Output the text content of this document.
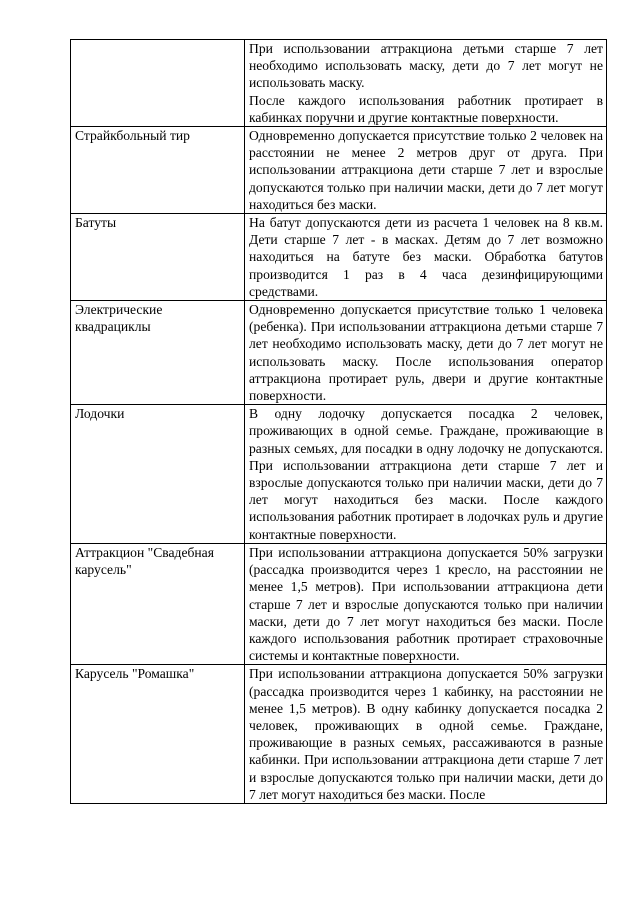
	При использовании аттракциона детьми старше 7 лет необходимо использовать маску, дети до 7 лет могут не использовать маску.
После каждого использования работник протирает в кабинках поручни и другие контактные поверхности.

Страйкбольный тир	Одновременно допускается присутствие только 2 человек на расстоянии не менее 2 метров друг от друга. При использовании аттракциона дети старше 7 лет и взрослые допускаются только при наличии маски, дети до 7 лет могут находиться без маски.

Батуты	На батут допускаются дети из расчета 1 человек на 8 кв.м. Дети старше 7 лет - в масках. Детям до 7 лет возможно находиться на батуте без маски. Обработка батутов производится 1 раз в 4 часа дезинфицирующими средствами.

Электрические квадрациклы	Одновременно допускается присутствие только 1 человека (ребенка). При использовании аттракциона детьми старше 7 лет необходимо использовать маску, дети до 7 лет могут не использовать маску. После использования оператор аттракциона протирает руль, двери и другие контактные поверхности.

Лодочки	В одну лодочку допускается посадка 2 человек, проживающих в одной семье. Граждане, проживающие в разных семьях, для посадки в одну лодочку не допускаются. При использовании аттракциона дети старше 7 лет и взрослые допускаются только при наличии маски, дети до 7 лет могут находиться без маски. После каждого использования работник протирает в лодочках руль и другие контактные поверхности.

Аттракцион "Свадебная карусель"	При использовании аттракциона допускается 50% загрузки (рассадка производится через 1 кресло, на расстоянии не менее 1,5 метров). При использовании аттракциона дети старше 7 лет и взрослые допускаются только при наличии маски, дети до 7 лет могут находиться без маски. После каждого использования работник протирает страховочные системы и контактные поверхности.

Карусель "Ромашка"	При использовании аттракциона допускается 50% загрузки (рассадка производится через 1 кабинку, на расстоянии не менее 1,5 метров). В одну кабинку допускается посадка 2 человек, проживающих в одной семье. Граждане, проживающие в разных семьях, рассаживаются в разные кабинки. При использовании аттракциона дети старше 7 лет и взрослые допускаются только при наличии маски, дети до 7 лет могут находиться без маски. После
